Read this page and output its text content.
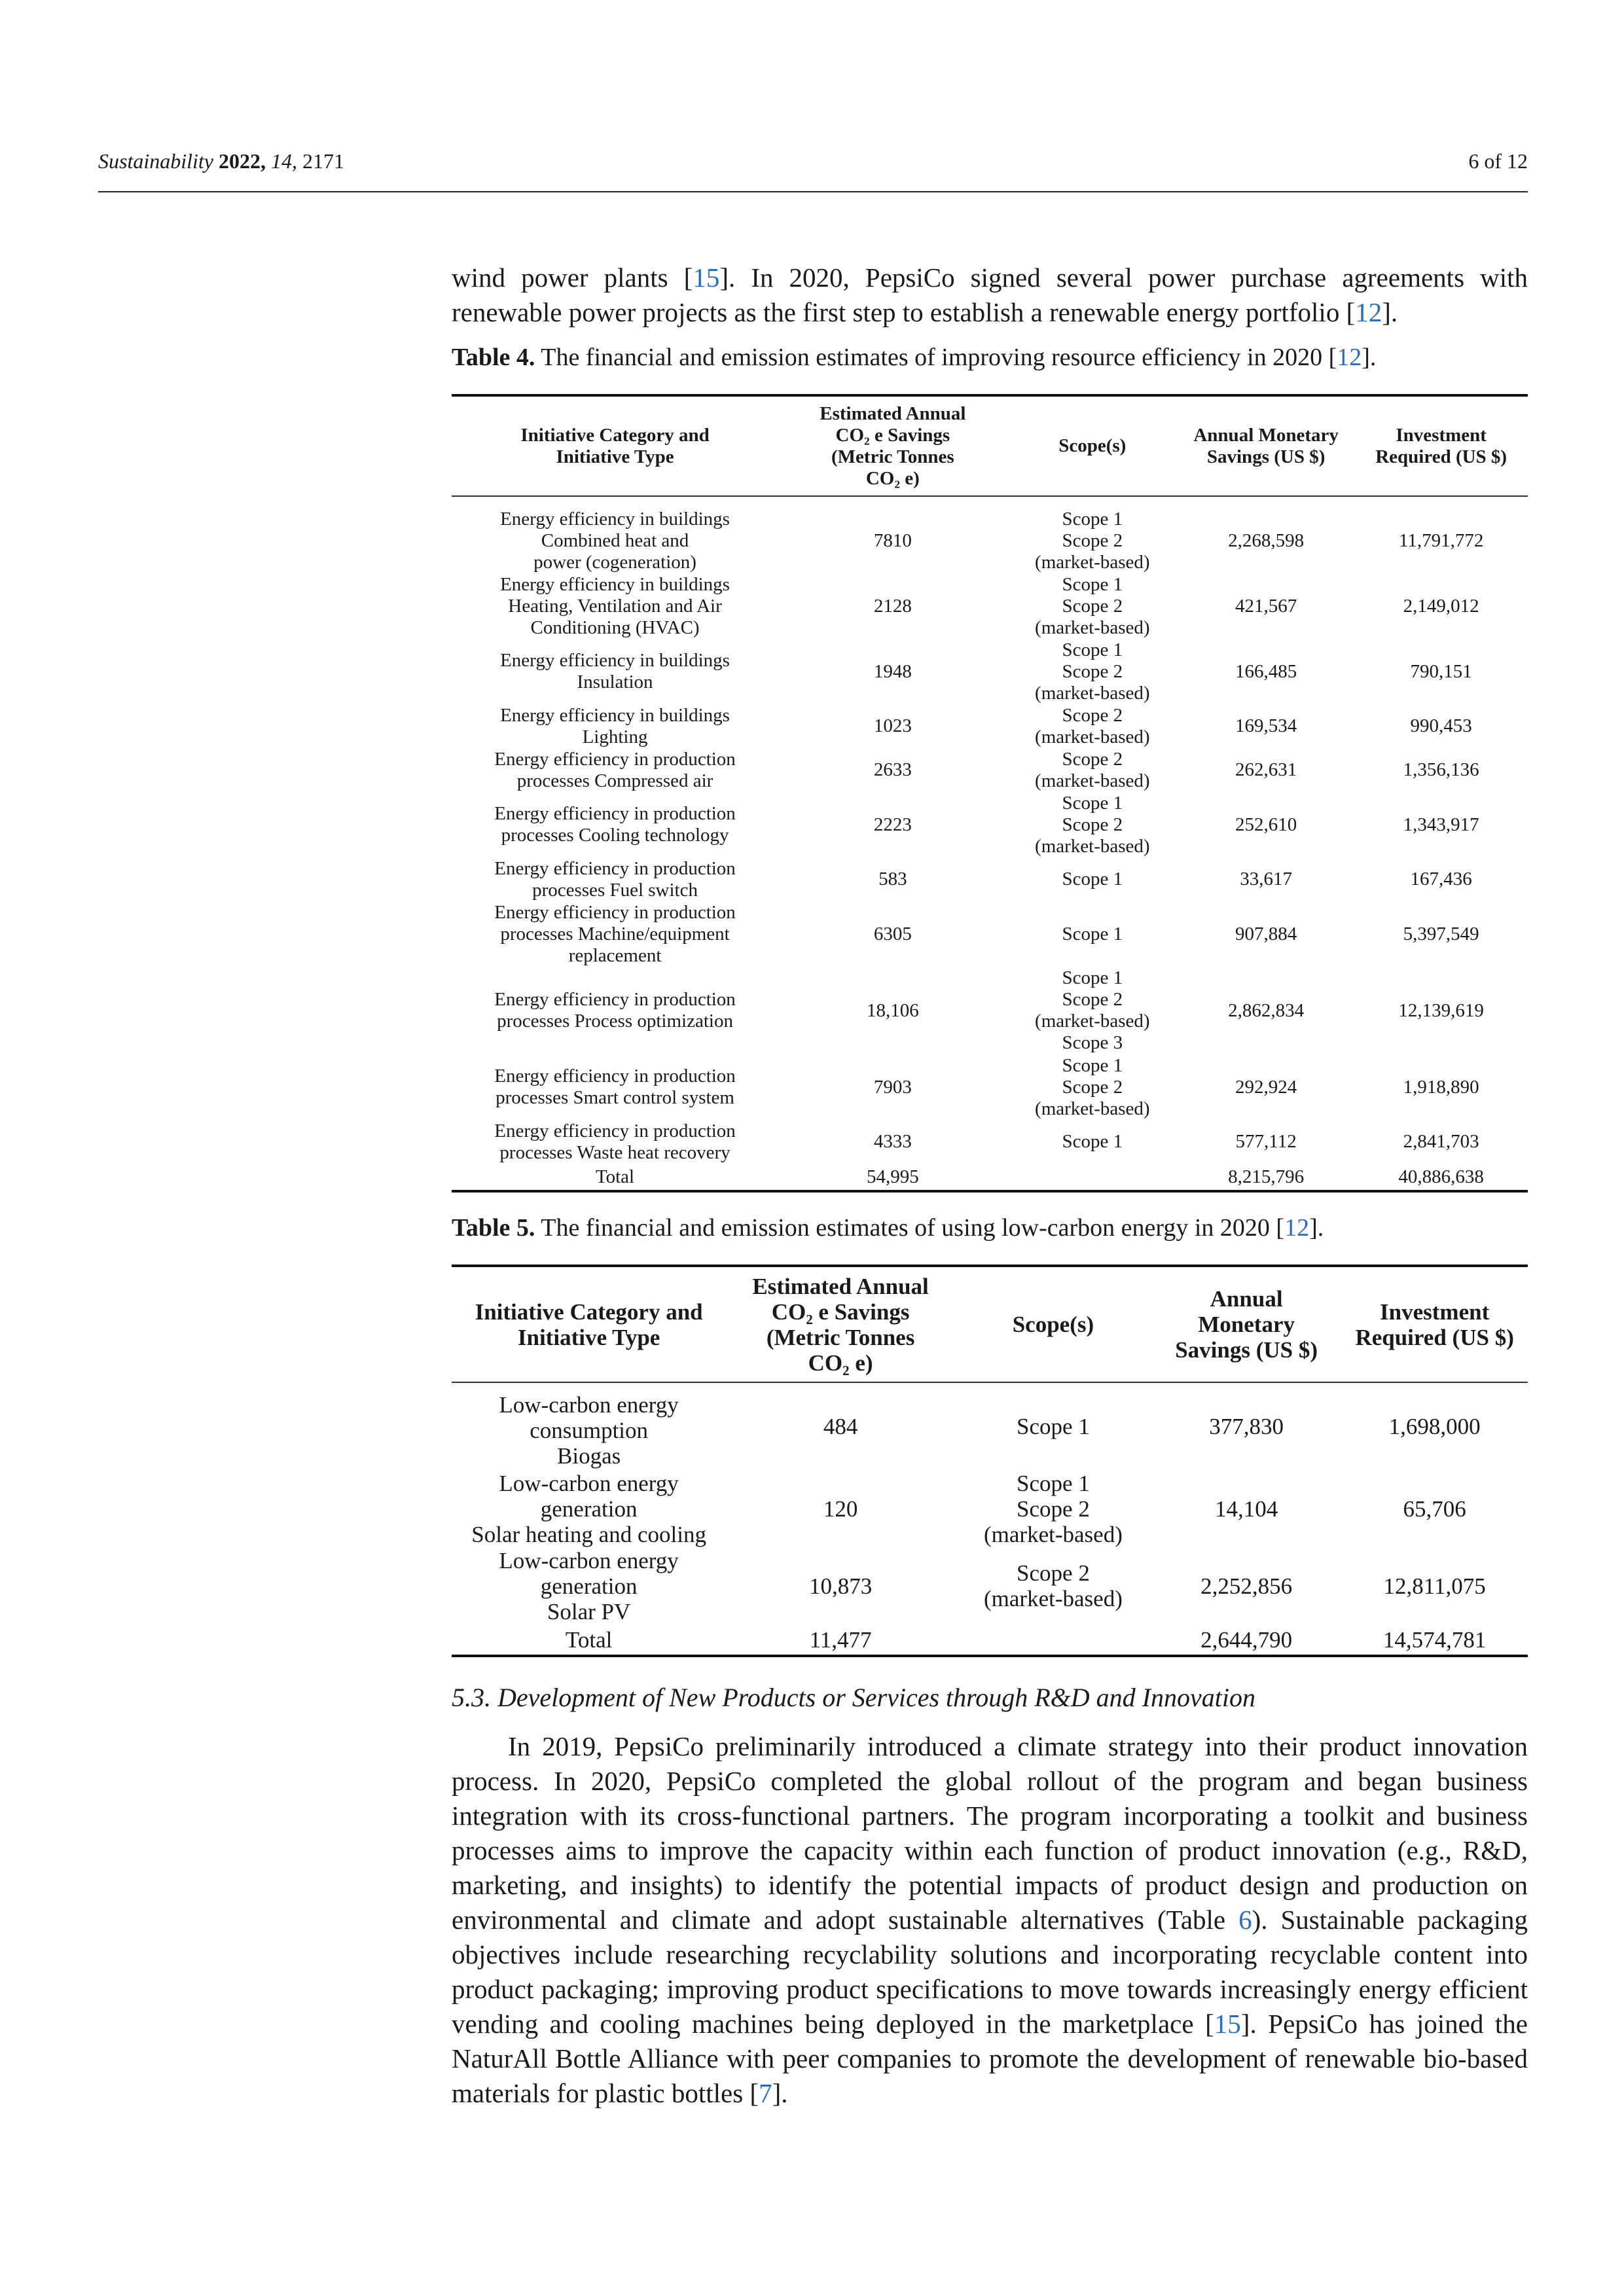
Sustainability 2022, 14, 2171	6 of 12

wind power plants [15]. In 2020, PepsiCo signed several power purchase agreements with renewable power projects as the first step to establish a renewable energy portfolio [12].

Table 4. The financial and emission estimates of improving resource efficiency in 2020 [12].

Initiative Category and
Initiative Type	Estimated Annual
CO₂ e Savings
(Metric Tonnes
CO₂ e)	Scope(s)	Annual Monetary
Savings (US $)	Investment
Required (US $)
Energy efficiency in buildings
Combined heat and
power (cogeneration)	7810	Scope 1
Scope 2
(market-based)	2,268,598	11,791,772
Energy efficiency in buildings
Heating, Ventilation and Air
Conditioning (HVAC)	2128	Scope 1
Scope 2
(market-based)	421,567	2,149,012
Energy efficiency in buildings
Insulation	1948	Scope 1
Scope 2
(market-based)	166,485	790,151
Energy efficiency in buildings
Lighting	1023	Scope 2
(market-based)	169,534	990,453
Energy efficiency in production
processes Compressed air	2633	Scope 2
(market-based)	262,631	1,356,136
Energy efficiency in production
processes Cooling technology	2223	Scope 1
Scope 2
(market-based)	252,610	1,343,917
Energy efficiency in production
processes Fuel switch	583	Scope 1	33,617	167,436
Energy efficiency in production
processes Machine/equipment
replacement	6305	Scope 1	907,884	5,397,549
Energy efficiency in production
processes Process optimization	18,106	Scope 1
Scope 2
(market-based)
Scope 3	2,862,834	12,139,619
Energy efficiency in production
processes Smart control system	7903	Scope 1
Scope 2
(market-based)	292,924	1,918,890
Energy efficiency in production
processes Waste heat recovery	4333	Scope 1	577,112	2,841,703
Total	54,995		8,215,796	40,886,638

Table 5. The financial and emission estimates of using low-carbon energy in 2020 [12].

Initiative Category and
Initiative Type	Estimated Annual
CO₂ e Savings
(Metric Tonnes
CO₂ e)	Scope(s)	Annual
Monetary
Savings (US $)	Investment
Required (US $)
Low-carbon energy
consumption
Biogas	484	Scope 1	377,830	1,698,000
Low-carbon energy
generation
Solar heating and cooling	120	Scope 1
Scope 2
(market-based)	14,104	65,706
Low-carbon energy
generation
Solar PV	10,873	Scope 2
(market-based)	2,252,856	12,811,075
Total	11,477		2,644,790	14,574,781

5.3. Development of New Products or Services through R&D and Innovation

In 2019, PepsiCo preliminarily introduced a climate strategy into their product innovation process. In 2020, PepsiCo completed the global rollout of the program and began business integration with its cross-functional partners. The program incorporating a toolkit and business processes aims to improve the capacity within each function of product innovation (e.g., R&D, marketing, and insights) to identify the potential impacts of product design and production on environmental and climate and adopt sustainable alternatives (Table 6). Sustainable packaging objectives include researching recyclability solutions and incorporating recyclable content into product packaging; improving product specifications to move towards increasingly energy efficient vending and cooling machines being deployed in the marketplace [15]. PepsiCo has joined the NaturAll Bottle Alliance with peer companies to promote the development of renewable bio-based materials for plastic bottles [7].
